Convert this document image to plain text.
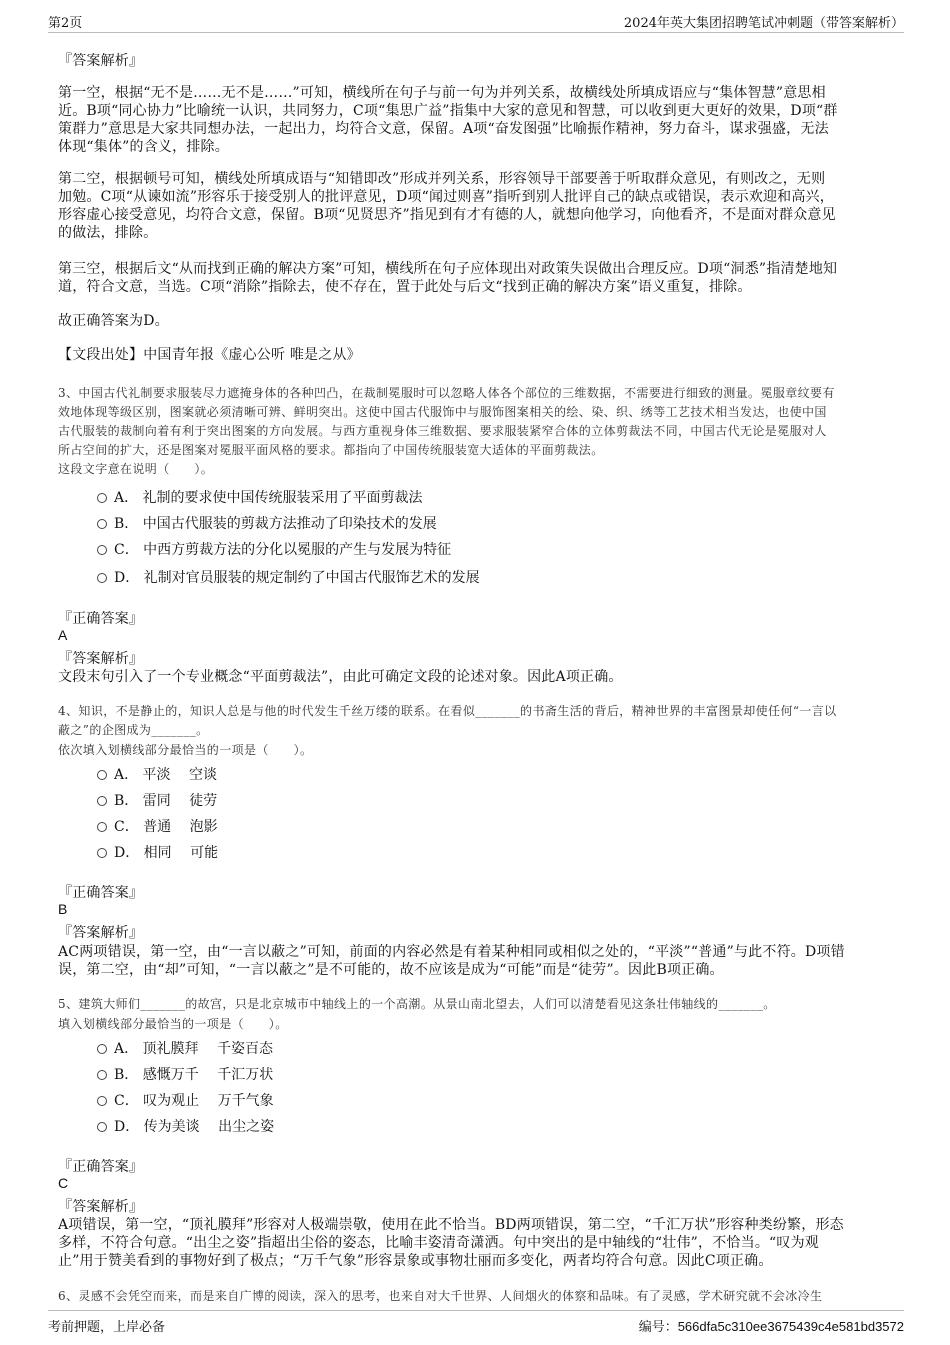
第2页	2024年英大集团招聘笔试冲刺题（带答案解析）
『答案解析』
第一空，根据“无不是……无不是……”可知，横线所在句子与前一句为并列关系，故横线处所填成语应与“集体智慧”意思相
近。B项“同心协力”比喻统一认识，共同努力，C项“集思广益”指集中大家的意见和智慧，可以收到更大更好的效果，D项“群
策群力”意思是大家共同想办法，一起出力，均符合文意，保留。A项“奋发图强”比喻振作精神，努力奋斗，谋求强盛，无法
体现“集体”的含义，排除。
第二空，根据顿号可知，横线处所填成语与“知错即改”形成并列关系，形容领导干部要善于听取群众意见，有则改之，无则
加勉。C项“从谏如流”形容乐于接受别人的批评意见，D项“闻过则喜”指听到别人批评自己的缺点或错误，表示欢迎和高兴，
形容虚心接受意见，均符合文意，保留。B项“见贤思齐”指见到有才有德的人，就想向他学习，向他看齐，不是面对群众意见
的做法，排除。
第三空，根据后文“从而找到正确的解决方案”可知，横线所在句子应体现出对政策失误做出合理反应。D项“洞悉”指清楚地知
道，符合文意，当选。C项“消除”指除去，使不存在，置于此处与后文“找到正确的解决方案”语义重复，排除。
故正确答案为D。
【文段出处】中国青年报《虚心公听 唯是之从》
3、中国古代礼制要求服装尽力遮掩身体的各种凹凸，在裁制冕服时可以忽略人体各个部位的三维数据，不需要进行细致的测量。冕服章纹要有
效地体现等级区别，图案就必须清晰可辨、鲜明突出。这使中国古代服饰中与服饰图案相关的绘、染、织、绣等工艺技术相当发达，也使中国
古代服装的裁制向着有利于突出图案的方向发展。与西方重视身体三维数据、要求服装紧窄合体的立体剪裁法不同，中国古代无论是冕服对人
所占空间的扩大，还是图案对冕服平面风格的要求。都指向了中国传统服装宽大适体的平面剪裁法。
这段文字意在说明（　　）。
A． 礼制的要求使中国传统服装采用了平面剪裁法
B． 中国古代服装的剪裁方法推动了印染技术的发展
C． 中西方剪裁方法的分化以冕服的产生与发展为特征
D． 礼制对官员服装的规定制约了中国古代服饰艺术的发展
『正确答案』
A
『答案解析』
文段末句引入了一个专业概念“平面剪裁法”，由此可确定文段的论述对象。因此A项正确。
4、知识，不是静止的，知识人总是与他的时代发生千丝万缕的联系。在看似_______的书斋生活的背后，精神世界的丰富图景却使任何“一言以
蔽之”的企图成为_______。
依次填入划横线部分最恰当的一项是（　　）。
A． 平淡　 空谈
B． 雷同　 徒劳
C． 普通　 泡影
D． 相同　 可能
『正确答案』
B
『答案解析』
AC两项错误，第一空，由“一言以蔽之”可知，前面的内容必然是有着某种相同或相似之处的，“平淡”“普通”与此不符。D项错
误，第二空，由“却”可知，“一言以蔽之”是不可能的，故不应该是成为“可能”而是“徒劳”。因此B项正确。
5、建筑大师们_______的故宫，只是北京城市中轴线上的一个高潮。从景山南北望去，人们可以清楚看见这条壮伟轴线的_______。
填入划横线部分最恰当的一项是（　　）。
A． 顶礼膜拜　 千姿百态
B． 感慨万千　 千汇万状
C． 叹为观止　 万千气象
D． 传为美谈　 出尘之姿
『正确答案』
C
『答案解析』
A项错误，第一空，“顶礼膜拜”形容对人极端崇敬，使用在此不恰当。BD两项错误，第二空，“千汇万状”形容种类纷繁，形态
多样，不符合句意。“出尘之姿”指超出尘俗的姿态，比喻丰姿清奇潇洒。句中突出的是中轴线的“壮伟”，不恰当。“叹为观
止”用于赞美看到的事物好到了极点；“万千气象”形容景象或事物壮丽而多变化，两者均符合句意。因此C项正确。
6、灵感不会凭空而来，而是来自广博的阅读，深入的思考，也来自对大千世界、人间烟火的体察和品味。有了灵感，学术研究就不会冰冷生
考前押题，上岸必备	编号：566dfa5c310ee3675439c4e581bd3572
